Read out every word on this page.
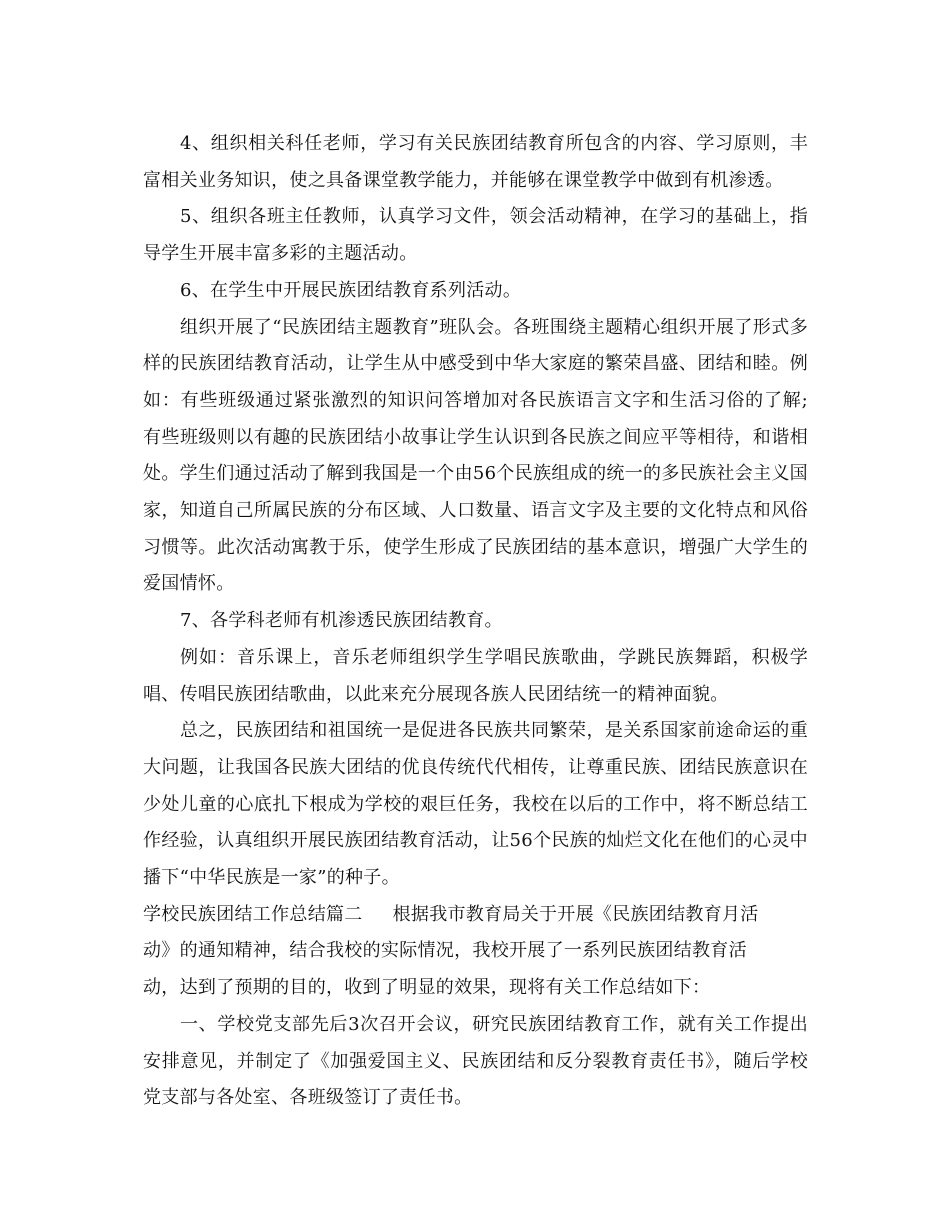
4、组织相关科任老师，学习有关民族团结教育所包含的内容、学习原则，丰富相关业务知识，使之具备课堂教学能力，并能够在课堂教学中做到有机渗透。

5、组织各班主任教师，认真学习文件，领会活动精神，在学习的基础上，指导学生开展丰富多彩的主题活动。

6、在学生中开展民族团结教育系列活动。

组织开展了“民族团结主题教育”班队会。各班围绕主题精心组织开展了形式多样的民族团结教育活动，让学生从中感受到中华大家庭的繁荣昌盛、团结和睦。例如：有些班级通过紧张激烈的知识问答增加对各民族语言文字和生活习俗的了解;有些班级则以有趣的民族团结小故事让学生认识到各民族之间应平等相待，和谐相处。学生们通过活动了解到我国是一个由56个民族组成的统一的多民族社会主义国家，知道自己所属民族的分布区域、人口数量、语言文字及主要的文化特点和风俗习惯等。此次活动寓教于乐，使学生形成了民族团结的基本意识，增强广大学生的爱国情怀。

7、各学科老师有机渗透民族团结教育。

例如：音乐课上，音乐老师组织学生学唱民族歌曲，学跳民族舞蹈，积极学唱、传唱民族团结歌曲，以此来充分展现各族人民团结统一的精神面貌。

总之，民族团结和祖国统一是促进各民族共同繁荣，是关系国家前途命运的重大问题，让我国各民族大团结的优良传统代代相传，让尊重民族、团结民族意识在少处儿童的心底扎下根成为学校的艰巨任务，我校在以后的工作中，将不断总结工作经验，认真组织开展民族团结教育活动，让56个民族的灿烂文化在他们的心灵中播下“中华民族是一家”的种子。

学校民族团结工作总结篇二 根据我市教育局关于开展《民族团结教育月活动》的通知精神，结合我校的实际情况，我校开展了一系列民族团结教育活动，达到了预期的目的，收到了明显的效果，现将有关工作总结如下：

一、学校党支部先后3次召开会议，研究民族团结教育工作，就有关工作提出安排意见，并制定了《加强爱国主义、民族团结和反分裂教育责任书》，随后学校党支部与各处室、各班级签订了责任书。
